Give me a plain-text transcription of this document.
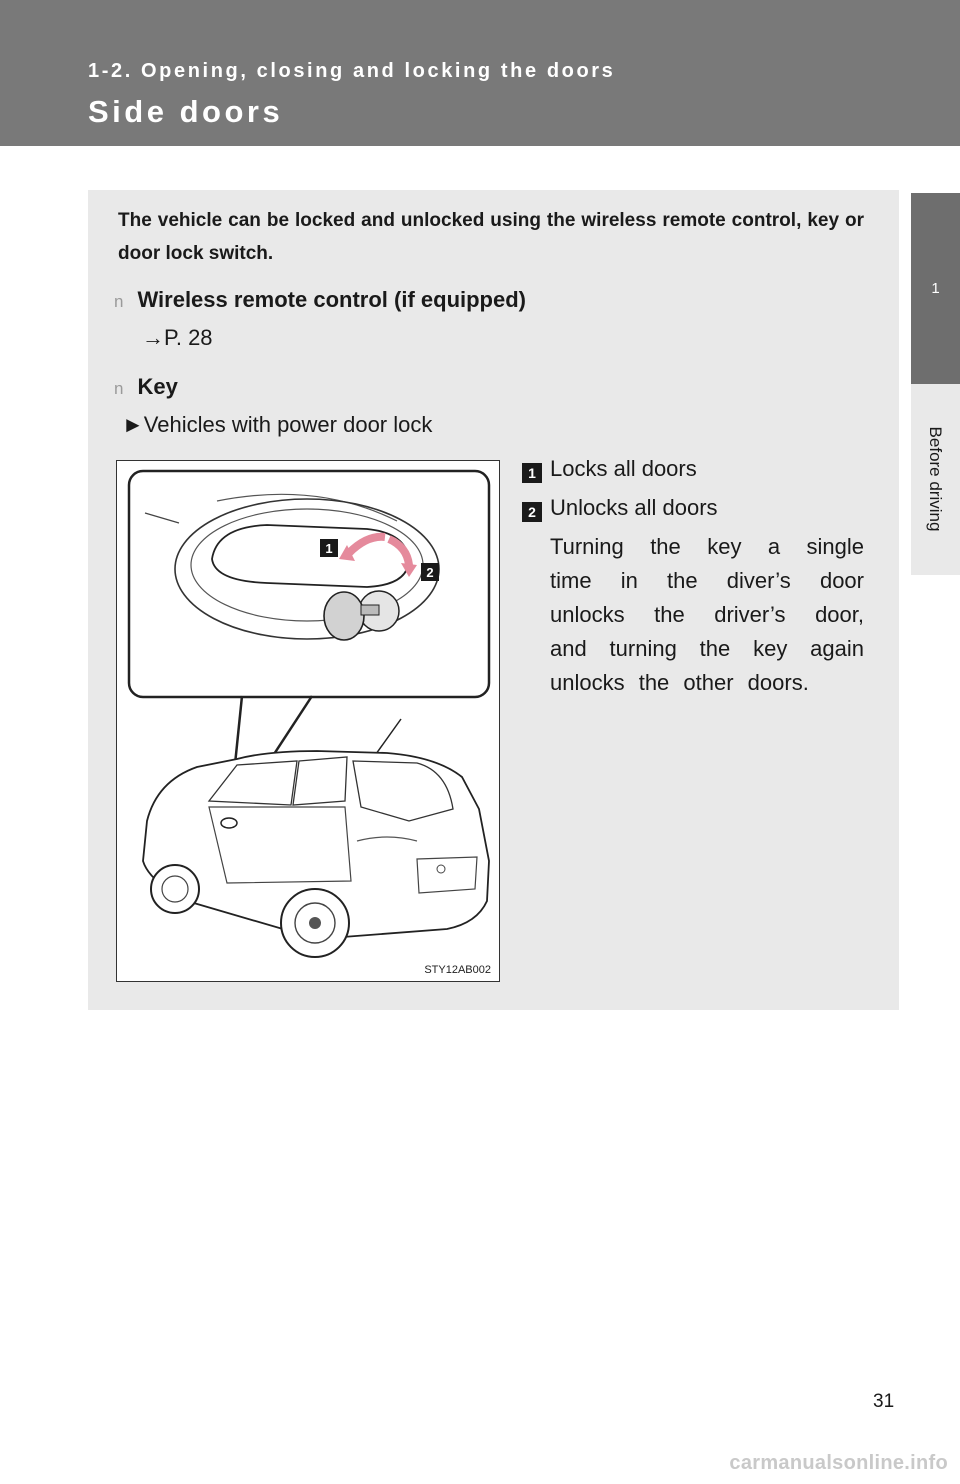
1-2. Opening, closing and locking the doors
Side doors
1
Before driving
The vehicle can be locked and unlocked using the wireless remote control, key or door lock switch.
n Wireless remote control (if equipped)
→P. 28
n Key
►Vehicles with power door lock
1
2
STY12AB002
1 Locks all doors
2 Unlocks all doors
Turning the key a single time in the diver’s door unlocks the driver’s door, and turning the key again unlocks the other doors.
31
carmanualsonline.info
